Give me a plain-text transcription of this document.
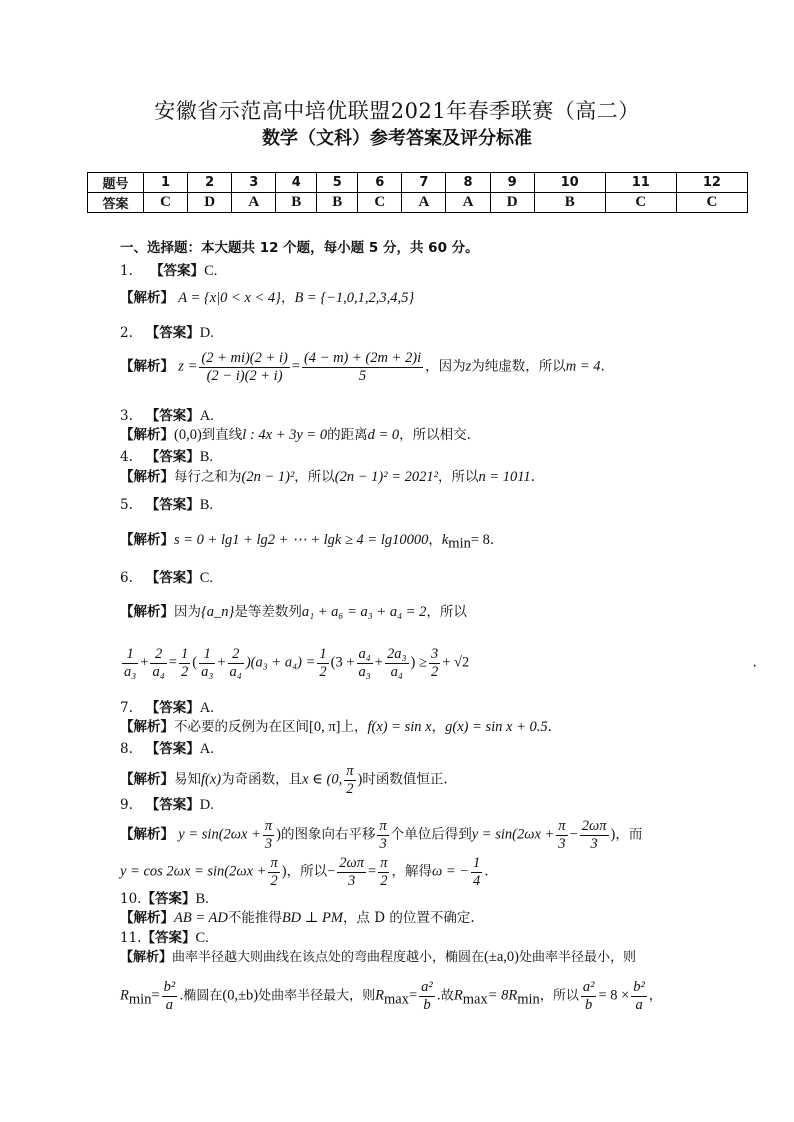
安徽省示范高中培优联盟2021年春季联赛（高二）
数学（文科）参考答案及评分标准
题号	1	2	3	4	5	6	7	8	9	10	11	12
答案	C	D	A	B	B	C	A	A	D	B	C	C
一、选择题：本大题共 12 个题，每小题 5 分，共 60 分。
1. 【答案】C.
【解析】 A = {x|0 < x < 4}，B = {−1,0,1,2,3,4,5}
2. 【答案】D.
【解析】 $z = \frac{(2 + mi)(2 + i)}{(2 - i)(2 + i)} = \frac{(4 - m) + (2m + 2)i}{5}$ ，因为z为纯虚数，所以m = 4.
3. 【答案】A.
【解析】(0,0)到直线l : 4x + 3y = 0的距离d = 0，所以相交.
4. 【答案】B.
【解析】每行之和为(2n − 1)²，所以(2n − 1)² = 2021²，所以n = 1011.
5. 【答案】B.
【解析】s = 0 + lg1 + lg2 + ⋯ + lgk ≥ 4 = lg10000，$k_{min}= 8$.
6. 【答案】C.
【解析】因为{a_n}是等差数列a₁ + a₆ = a₃ + a₄ = 2，所以
$\frac{1}{\text{a₃}} + \frac{2}{\text{a₄}} = \frac{1}{2}$ ( $\frac{1}{\text{a₃}} + \frac{2}{\text{a₄}} )(a_3 + a_4) = \frac{1}{2} (3 + \frac{\text{a₄}}{\text{a₃}} + \frac{\text{2a₃}}{\text{a₄}}$ ) ≥ $\frac{3}{2} + √2$	.
7. 【答案】A.
【解析】不必要的反例为在区间[0, π]上，f(x) = sin x，g(x) = sin x + 0.5.
8. 【答案】A.
【解析】易知f(x)为奇函数，且x ∈ (0, $\frac{\pi}{2}$ )时函数值恒正.
9. 【答案】D.
【解析】 $y = \sin(2\omega x + \frac{\pi}{3}$ )的图象向右平移 $\frac{\pi}{3}$ 个单位后得到$y = \sin(2\omega x + \frac{\pi}{3} - \frac{2\omega\pi}{3}$ )，而
$y = \cos 2\omega x = \sin(2\omega x + \frac{\pi}{2}$ )，所以− $\frac{2\omega\pi}{3} = \frac{\pi}{2}$ ，解得ω = − $\frac{1}{4}$ .
10.【答案】B.
【解析】AB = AD不能推得BD ⊥ PM，点 D 的位置不确定.
11.【答案】C.
【解析】曲率半径越大则曲线在该点处的弯曲程度越小，椭圆在(±a,0)处曲率半径最小，则
$R_{min}= \frac{\text{b²}}{a}$ .椭圆在(0,±b)处曲率半径最大，则$R_{max}= \frac{\text{a²}}{b}$ .故$R_{max}= 8R_{min}$，所以 $\frac{\text{a²}}{b} = 8 \times \frac{\text{b²}}{a}$ ，
